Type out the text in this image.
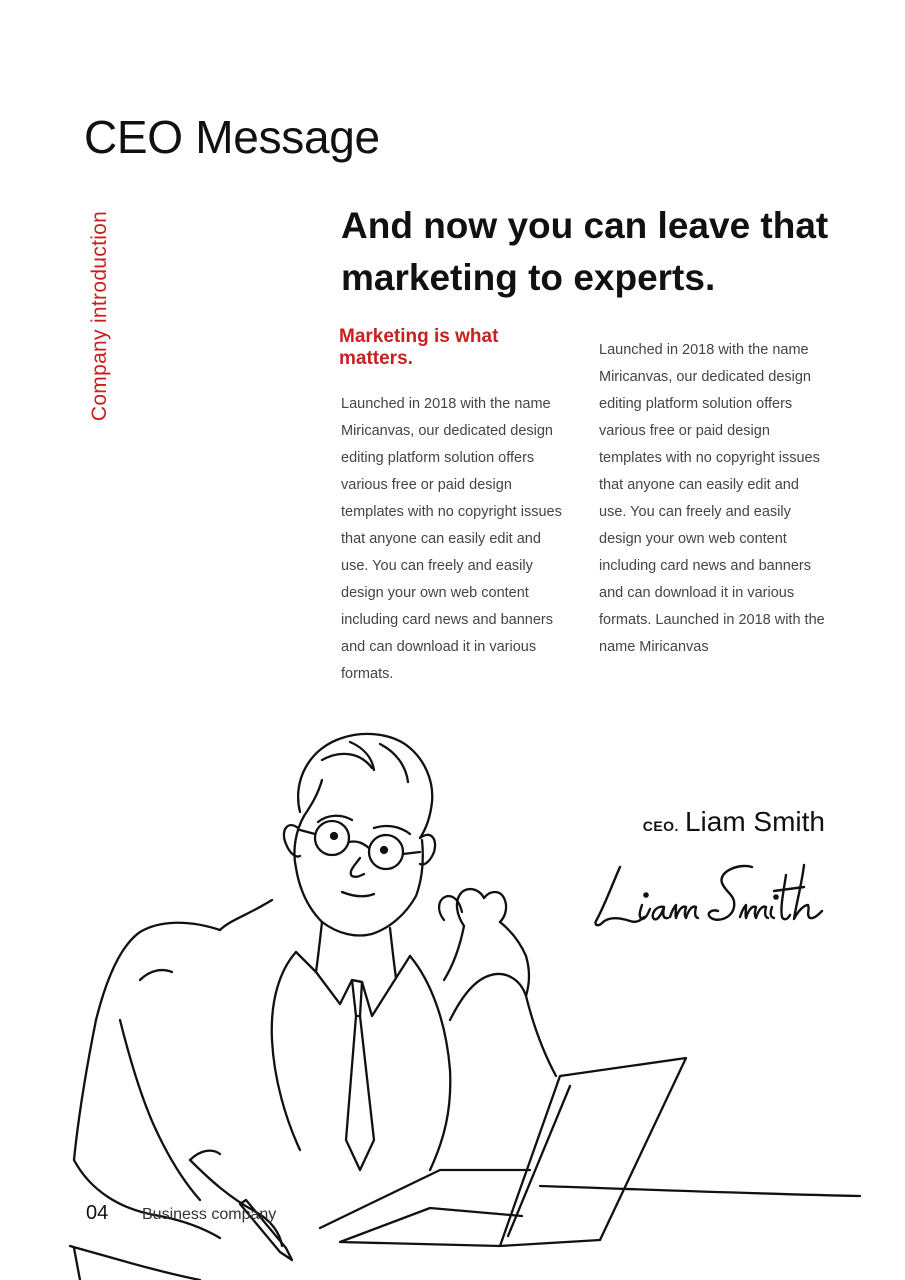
CEO Message
Company introduction	And now you can leave that marketing to experts.
Marketing is what matters.

Launched in 2018 with the name Miricanvas, our dedicated design editing platform solution offers various free or paid design templates with no copyright issues that anyone can easily edit and use. You can freely and easily design your own web content including card news and banners and can download it in various formats.

Launched in 2018 with the name Miricanvas, our dedicated design editing platform solution offers various free or paid design templates with no copyright issues that anyone can easily edit and use. You can freely and easily design your own web content including card news and banners and can download it in various formats. Launched in 2018 with the name Miricanvas

CEO. Liam Smith
04 Business company
